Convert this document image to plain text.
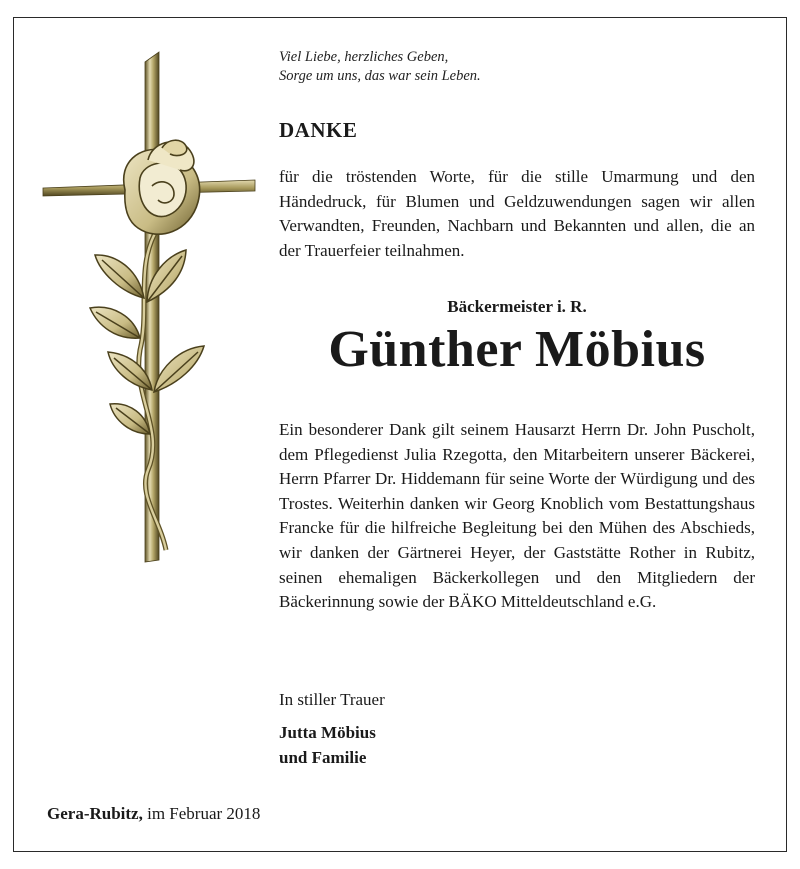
Viel Liebe, herzliches Geben,
Sorge um uns, das war sein Leben.
DANKE
für die tröstenden Worte, für die stille Umarmung und den Händedruck, für Blumen und Geldzuwendungen sagen wir allen Verwandten, Freunden, Nachbarn und Bekannten und allen, die an der Trauerfeier teilnahmen.
Bäckermeister i. R.
Günther Möbius
Ein besonderer Dank gilt seinem Hausarzt Herrn Dr. John Puscholt, dem Pflegedienst Julia Rzegotta, den Mitarbeitern unserer Bäckerei, Herrn Pfarrer Dr. Hiddemann für seine Worte der Würdigung und des Trostes. Weiterhin danken wir Georg Knoblich vom Bestattungshaus Francke für die hilfreiche Begleitung bei den Mühen des Abschieds, wir danken der Gärtnerei Heyer, der Gaststätte Rother in Rubitz, seinen ehemaligen Bäckerkollegen und den Mitgliedern der Bäckerinnung sowie der BÄKO Mitteldeutschland e.G.
In stiller Trauer
Jutta Möbius
und Familie
Gera-Rubitz, im Februar 2018
